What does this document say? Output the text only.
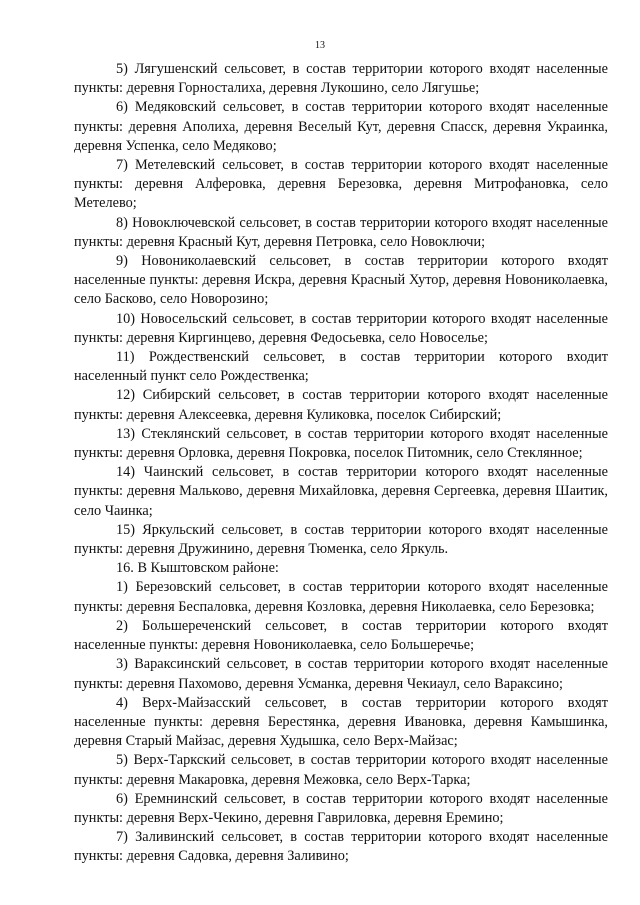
13

5) Лягушенский сельсовет, в состав территории которого входят населенные пункты: деревня Горносталиха, деревня Лукошино, село Лягушье;

6) Медяковский сельсовет, в состав территории которого входят населенные пункты: деревня Аполиха, деревня Веселый Кут, деревня Спасск, деревня Украинка, деревня Успенка, село Медяково;

7) Метелевский сельсовет, в состав территории которого входят населенные пункты: деревня Алферовка, деревня Березовка, деревня Митрофановка, село Метелево;

8) Новоключевской сельсовет, в состав территории которого входят населенные пункты: деревня Красный Кут, деревня Петровка, село Новоключи;

9) Новониколаевский сельсовет, в состав территории которого входят населенные пункты: деревня Искра, деревня Красный Хутор, деревня Новониколаевка, село Басково, село Новорозино;

10) Новосельский сельсовет, в состав территории которого входят населенные пункты: деревня Киргинцево, деревня Федосьевка, село Новоселье;

11) Рождественский сельсовет, в состав территории которого входит населенный пункт село Рождественка;

12) Сибирский сельсовет, в состав территории которого входят населенные пункты: деревня Алексеевка, деревня Куликовка, поселок Сибирский;

13) Стеклянский сельсовет, в состав территории которого входят населенные пункты: деревня Орловка, деревня Покровка, поселок Питомник, село Стеклянное;

14) Чаинский сельсовет, в состав территории которого входят населенные пункты: деревня Мальково, деревня Михайловка, деревня Сергеевка, деревня Шаитик, село Чаинка;

15) Яркульский сельсовет, в состав территории которого входят населенные пункты: деревня Дружинино, деревня Тюменка, село Яркуль.

16. В Кыштовском районе:

1) Березовский сельсовет, в состав территории которого входят населенные пункты: деревня Беспаловка, деревня Козловка, деревня Николаевка, село Березовка;

2) Большереченский сельсовет, в состав территории которого входят населенные пункты: деревня Новониколаевка, село Большеречье;

3) Вараксинский сельсовет, в состав территории которого входят населенные пункты: деревня Пахомово, деревня Усманка, деревня Чекиаул, село Вараксино;

4) Верх-Майзасский сельсовет, в состав территории которого входят населенные пункты: деревня Берестянка, деревня Ивановка, деревня Камышинка, деревня Старый Майзас, деревня Худышка, село Верх-Майзас;

5) Верх-Таркский сельсовет, в состав территории которого входят населенные пункты: деревня Макаровка, деревня Межовка, село Верх-Тарка;

6) Еремнинский сельсовет, в состав территории которого входят населенные пункты: деревня Верх-Чекино, деревня Гавриловка, деревня Еремино;

7) Заливинский сельсовет, в состав территории которого входят населенные пункты: деревня Садовка, деревня Заливино;
